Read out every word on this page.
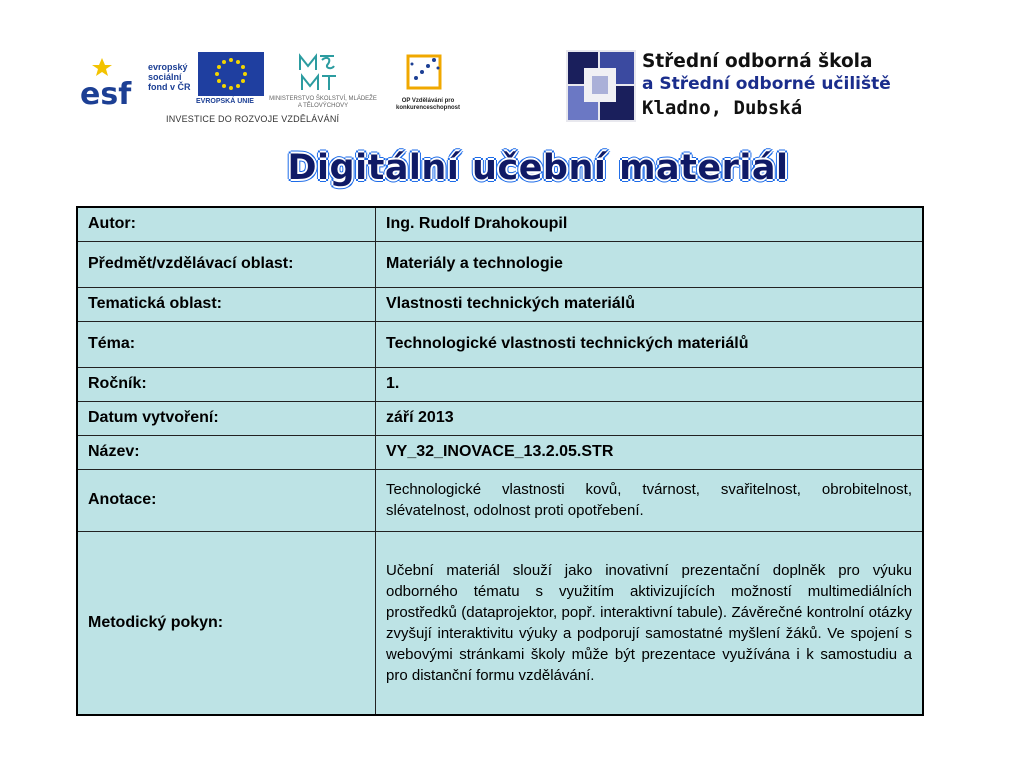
esf
evropský
sociální
fond v ČR
EVROPSKÁ UNIE	MINISTERSTVO ŠKOLSTVÍ, MLÁDEŽE A TĚLOVÝCHOVY
OP Vzdělávání pro konkurenceschopnost
INVESTICE DO ROZVOJE VZDĚLÁVÁNÍ
Střední odborná škola
a Střední odborné učiliště
Kladno, Dubská
Digitální učební materiál
Autor:	Ing. Rudolf Drahokoupil
Předmět/vzdělávací oblast:	Materiály a technologie
Tematická oblast:	Vlastnosti technických materiálů
Téma:	Technologické vlastnosti technických materiálů
Ročník:	1.
Datum vytvoření:	září 2013
Název:	VY_32_INOVACE_13.2.05.STR
Anotace:	Technologické vlastnosti kovů, tvárnost, svařitelnost, obrobitelnost, slévatelnost, odolnost proti opotřebení.
Metodický pokyn:	Učební materiál slouží jako inovativní prezentační doplněk pro výuku odborného tématu s využitím aktivizujících možností multimediálních prostředků (dataprojektor, popř. interaktivní tabule). Závěrečné kontrolní otázky zvyšují interaktivitu výuky a podporují samostatné myšlení žáků. Ve spojení s webovými stránkami školy může být prezentace využívána i k samostudiu a pro distanční formu vzdělávání.
